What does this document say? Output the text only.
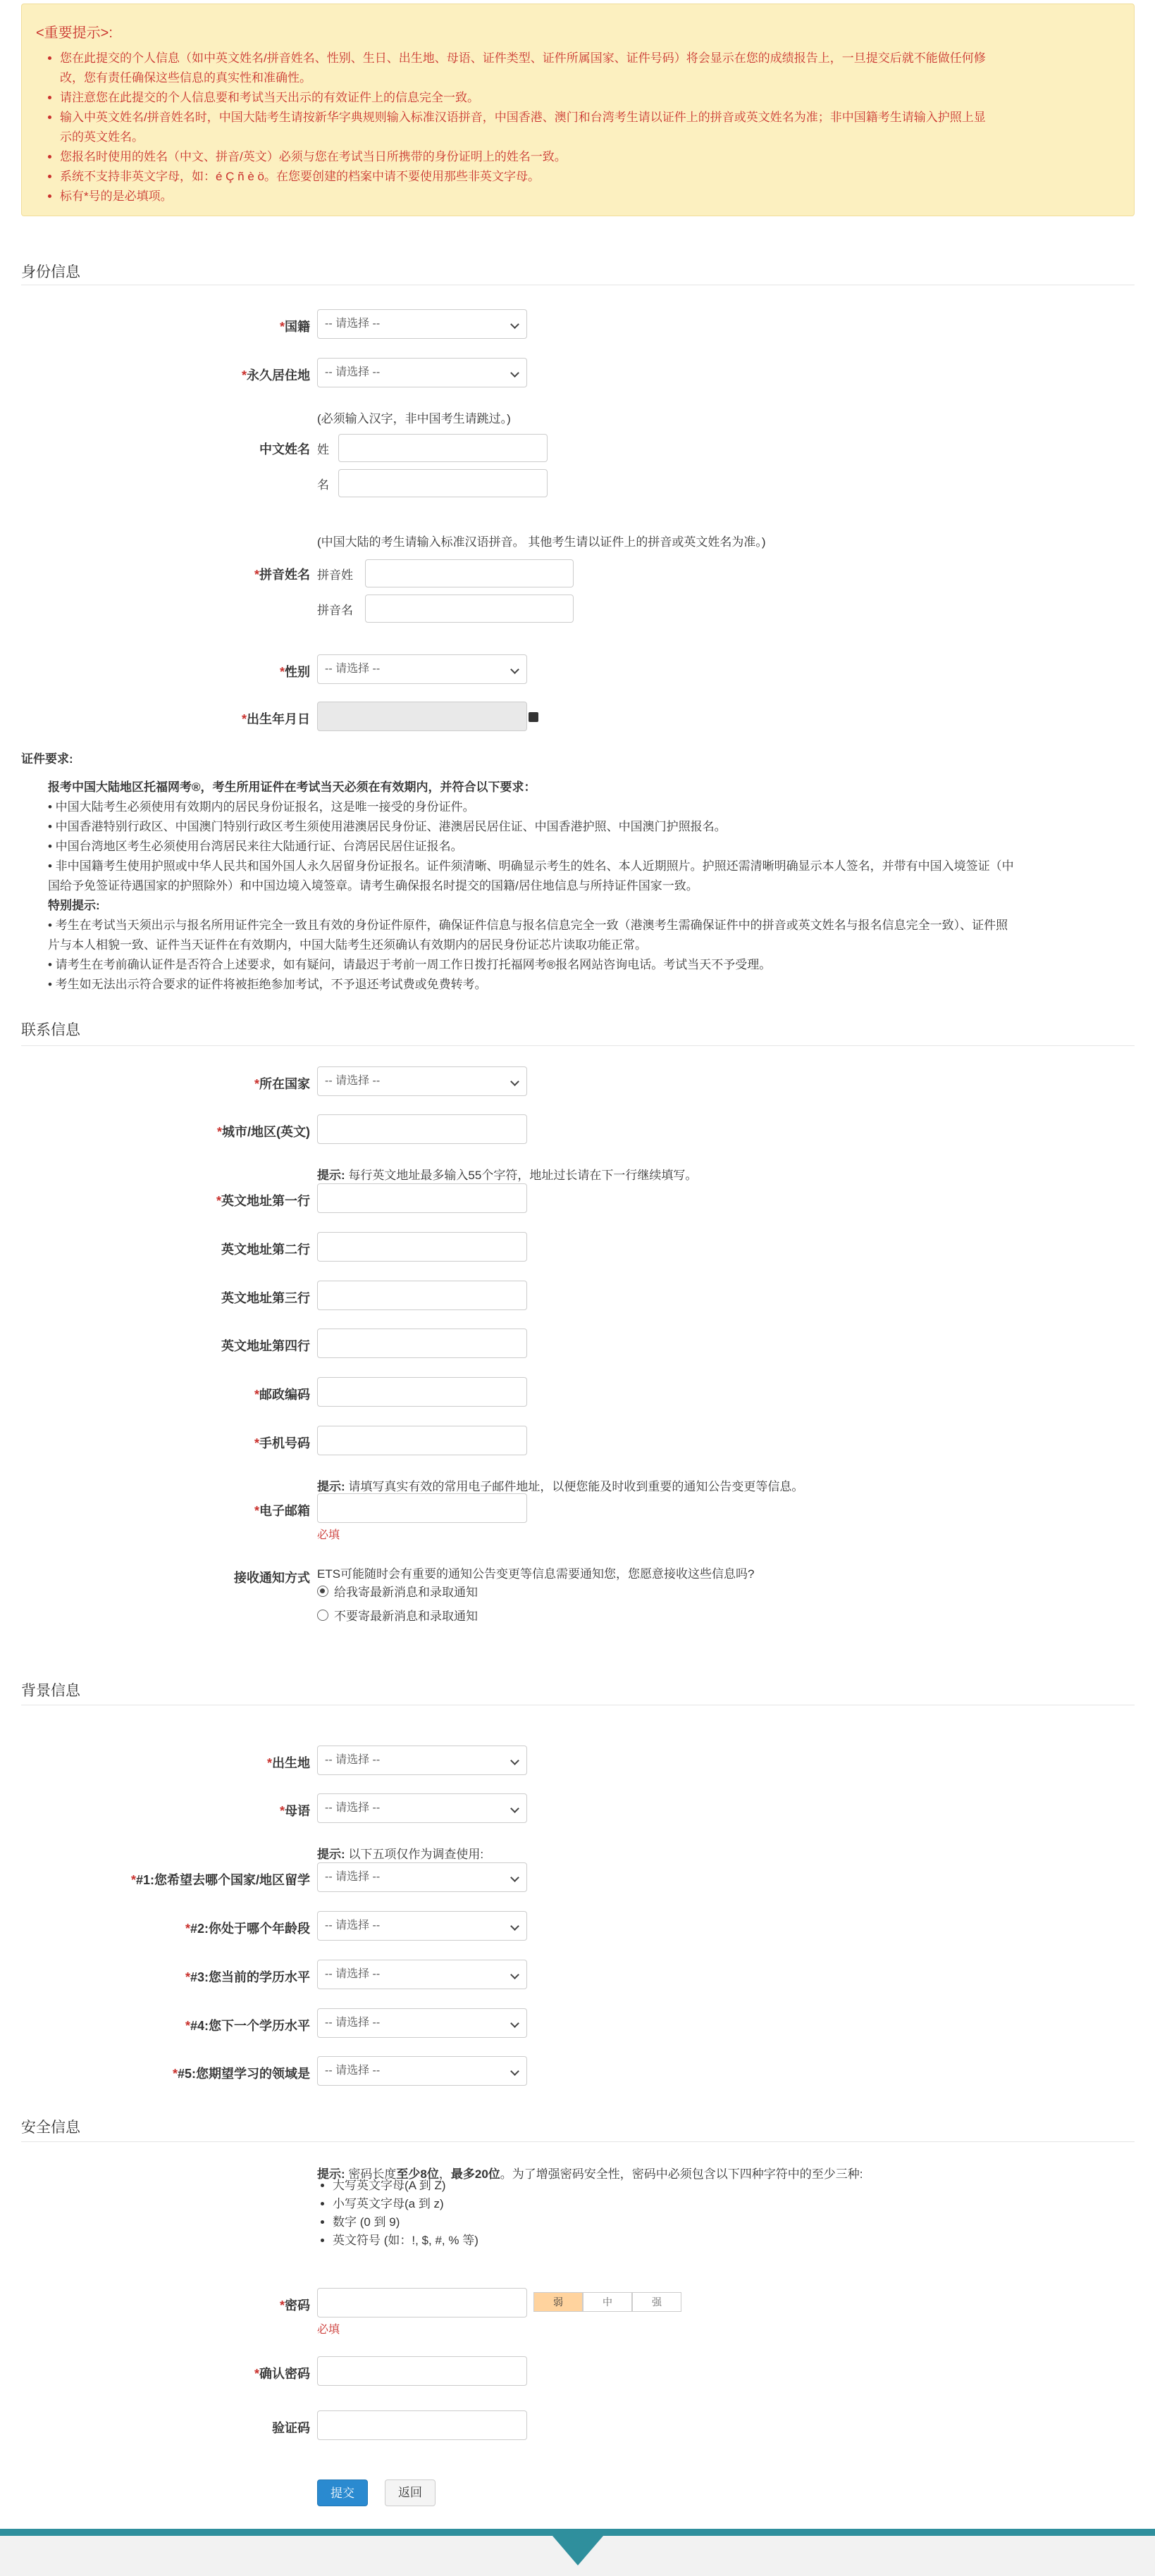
<重要提示>:
• 您在此提交的个人信息（如中英文姓名/拼音姓名、性别、生日、出生地、母语、证件类型、证件所属国家、证件号码）将会显示在您的成绩报告上，一旦提交后就不能做任何修
改，您有责任确保这些信息的真实性和准确性。
• 请注意您在此提交的个人信息要和考试当天出示的有效证件上的信息完全一致。
• 输入中英文姓名/拼音姓名时，中国大陆考生请按新华字典规则输入标准汉语拼音，中国香港、澳门和台湾考生请以证件上的拼音或英文姓名为准；非中国籍考生请输入护照上显
示的英文姓名。
• 您报名时使用的姓名（中文、拼音/英文）必须与您在考试当日所携带的身份证明上的姓名一致。
• 系统不支持非英文字母，如：é Ç ñ è ö。在您要创建的档案中请不要使用那些非英文字母。
• 标有*号的是必填项。
身份信息
*国籍	-- 请选择 --
*永久居住地	-- 请选择 --
(必须输入汉字，非中国考生请跳过。)
中文姓名 姓
名
(中国大陆的考生请输入标准汉语拼音。 其他考生请以证件上的拼音或英文姓名为准。)
*拼音姓名 拼音姓
拼音名
*性别	-- 请选择 --
*出生年月日
证件要求:
报考中国大陆地区托福网考®，考生所用证件在考试当天必须在有效期内，并符合以下要求：
• 中国大陆考生必须使用有效期内的居民身份证报名，这是唯一接受的身份证件。
• 中国香港特别行政区、中国澳门特别行政区考生须使用港澳居民身份证、港澳居民居住证、中国香港护照、中国澳门护照报名。
• 中国台湾地区考生必须使用台湾居民来往大陆通行证、台湾居民居住证报名。
• 非中国籍考生使用护照或中华人民共和国外国人永久居留身份证报名。证件须清晰、明确显示考生的姓名、本人近期照片。护照还需清晰明确显示本人签名，并带有中国入境签证（中
国给予免签证待遇国家的护照除外）和中国边境入境签章。请考生确保报名时提交的国籍/居住地信息与所持证件国家一致。
特别提示:
• 考生在考试当天须出示与报名所用证件完全一致且有效的身份证件原件，确保证件信息与报名信息完全一致（港澳考生需确保证件中的拼音或英文姓名与报名信息完全一致）、证件照
片与本人相貌一致、证件当天证件在有效期内，中国大陆考生还须确认有效期内的居民身份证芯片读取功能正常。
• 请考生在考前确认证件是否符合上述要求，如有疑问，请最迟于考前一周工作日拨打托福网考®报名网站咨询电话。考试当天不予受理。
• 考生如无法出示符合要求的证件将被拒绝参加考试，不予退还考试费或免费转考。
联系信息
*所在国家	-- 请选择 --
*城市/地区(英文)
提示: 每行英文地址最多输入55个字符，地址过长请在下一行继续填写。
*英文地址第一行
英文地址第二行
英文地址第三行
英文地址第四行
*邮政编码
*手机号码
提示: 请填写真实有效的常用电子邮件地址，以便您能及时收到重要的通知公告变更等信息。
*电子邮箱
必填
接收通知方式 ETS可能随时会有重要的通知公告变更等信息需要通知您，您愿意接收这些信息吗?
给我寄最新消息和录取通知
不要寄最新消息和录取通知
背景信息
*出生地	-- 请选择 --
*母语	-- 请选择 --
提示: 以下五项仅作为调查使用:
*#1:您希望去哪个国家/地区留学	-- 请选择 --
*#2:你处于哪个年龄段	-- 请选择 --
*#3:您当前的学历水平	-- 请选择 --
*#4:您下一个学历水平	-- 请选择 --
*#5:您期望学习的领域是	-- 请选择 --
安全信息
提示: 密码长度至少8位，最多20位。为了增强密码安全性，密码中必须包含以下四种字符中的至少三种:
• 大写英文字母(A 到 Z)
• 小写英文字母(a 到 z)
• 数字 (0 到 9)
• 英文符号 (如：!, $, #, % 等)
*密码	弱	中	强
必填
*确认密码
验证码
提交	返回
